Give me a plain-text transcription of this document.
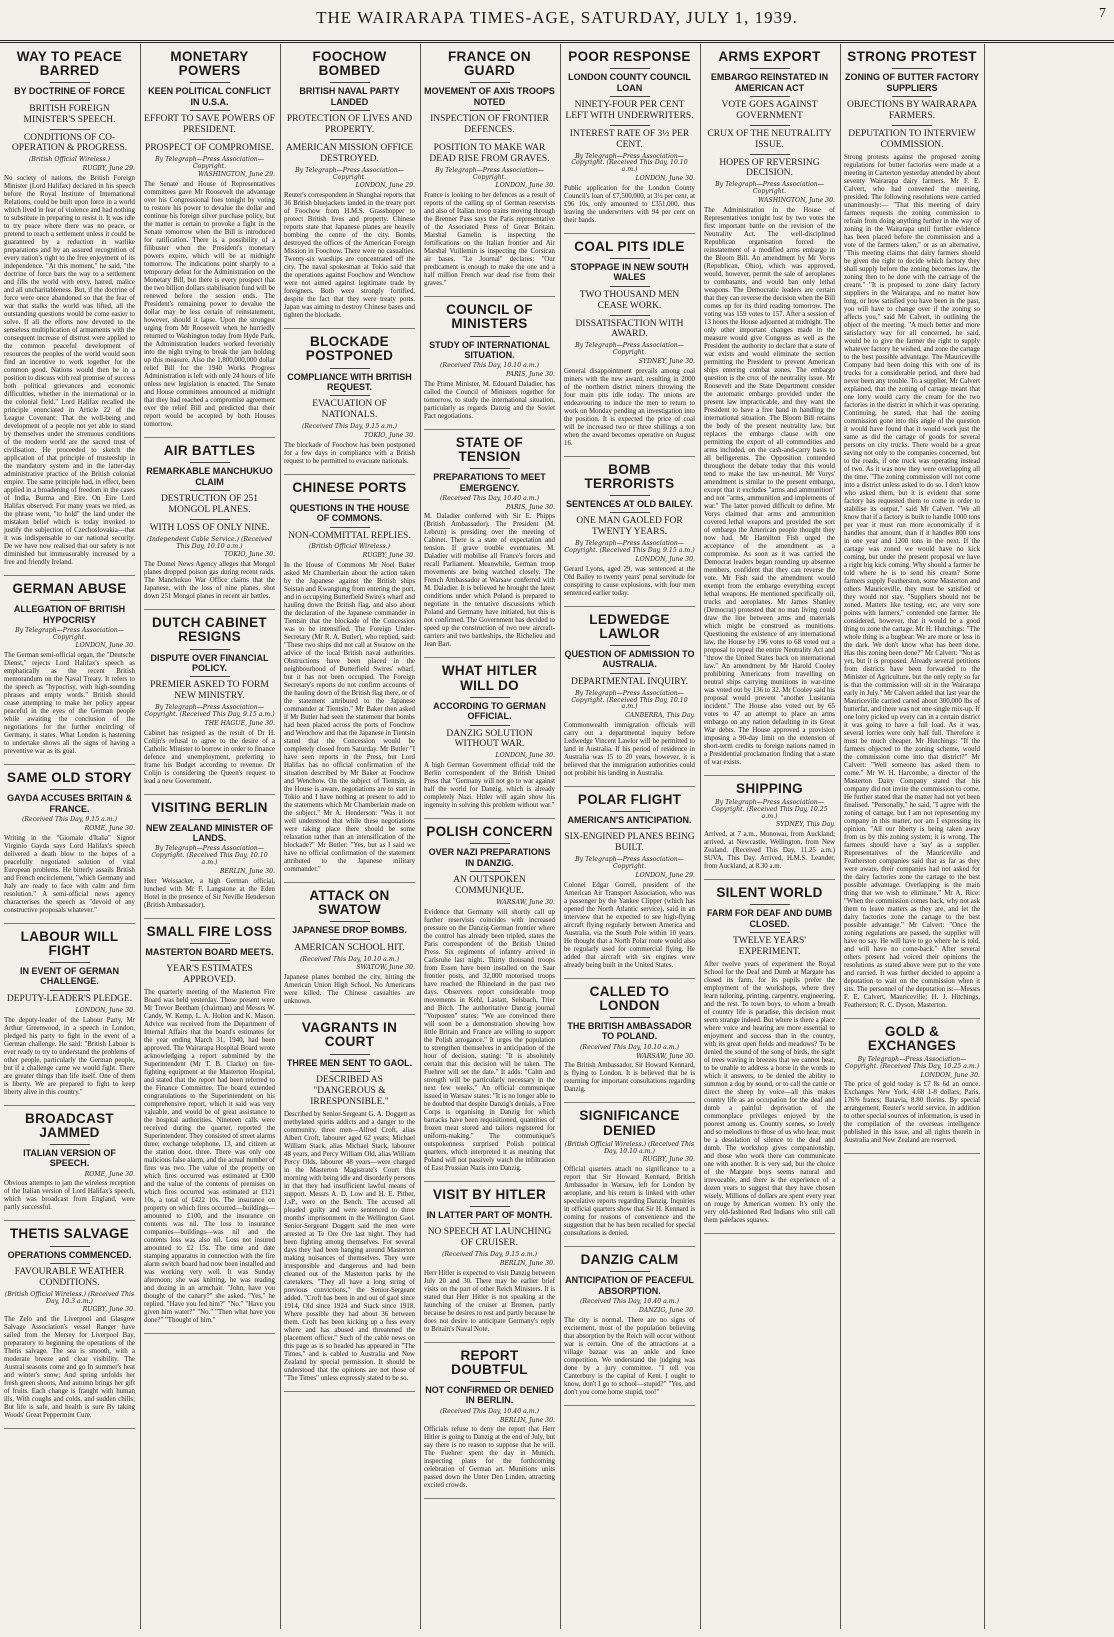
THE WAIRARAPA TIMES-AGE, SATURDAY, JULY 1, 1939.	7
WAY TO PEACE BARRED
BY DOCTRINE OF FORCE
BRITISH FOREIGN MINISTER'S SPEECH.
CONDITIONS OF CO-OPERATION & PROGRESS.
(British Official Wireless.)
RUGBY, June 29.
No society of nations, the British Foreign Minister (Lord Halifax) declared in his speech before the Royal Institute of International Relations, could be built upon force in a world which lived in fear of violence and had nothing to substitute in preparing to resist it. It was idle to try peace where there was no peace, or pretend to reach a settlement unless it could be guaranteed by a reduction in warlike preparations and by an assured recognition of every nation's right to the free enjoyment of its independence. "At this moment," he said, "the doctrine of force bars the way to a settlement and fills the world with envy, hatred, malice and all uncharitableness. But, if the doctrine of force were once abandoned so that the fear of war that stalks the world was lifted, all the outstanding questions would be come easier to solve. If all the efforts now devoted to the senseless multiplication of armaments with the consequent increase of distrust were applied to the common peaceful development of resources the peoples of the world would soon find an incentive to work together for the common good. Nations would then be in a position to discuss with real promise of success both political grievances and economic difficulties, whether in the international or in the colonial field." Lord Halifax recalled the principle enunciated in Article 22 of the League Covenant: That the well-being and development of a people not yet able to stand by themselves under the strenuous conditions of the modern world are the sacred trust of civilisation. He proceeded to sketch the application of that principle of trusteeship in the mandatory system and in the latter-day administrative practice of the British colonial empire. The same principle had, in effect, been applied in a broadening of freedom in the cases of India, Burma and Eire. On Eire Lord Halifax observed: For many years we tried, as the phrase went, "to hold" the land under the mistaken belief which is today invoked to justify the subjection of Czechoslovakia—that it was indispensable to our national security. De we have now realised that our safety is not diminished but immeasurably increased by a free and friendly Ireland.
GERMAN ABUSE
ALLEGATION OF BRITISH HYPOCRISY
By Telegraph—Press Association—Copyright.
LONDON, June 30.
The German semi-official organ, the "Deutsche Dienst," rejects Lord Halifax's speech as emphatically as the recent British memorandum on the Naval Treaty. It refers to the speech as "hypocrisy, with high-sounding phrases and empty words." British should cease attempting to make her policy appear peaceful in the eyes of the German people while awaiting the conclusion of the negotiations for the further encircling of Germany, it states. What London is hastening to undertake shows all the signs of having a preventive war as its goal.
SAME OLD STORY
GAYDA ACCUSES BRITAIN & FRANCE.
(Received This Day, 9.15 a.m.)
ROME, June 30.
Writing in the "Giornale d'Italia" Signor Virginio Gayda says Lord Halifax's speech delivered a death blow to the hopes of a peacefully negotiated solution of vital European problems. He bitterly assails British and French encirclement, "which Germany and Italy are ready to face with calm and firm resolution." A semi-official news agency characterises the speech as "devoid of any constructive proposals whatever."
LABOUR WILL FIGHT
IN EVENT OF GERMAN CHALLENGE.
DEPUTY-LEADER'S PLEDGE.
LONDON, June 30.
The deputy-leader of the Labour Party, Mr Arthur Greenwood, in a speech in London, pledged his party to fight in the event of a German challenge. He said: "British Labour is ever ready to try to understand the problems of other people, particularly the German people, but if a challenge came we would fight. There are greater things than life itself. One of them is liberty. We are prepared to fight to keep liberty alive in this country."
BROADCAST JAMMED
ITALIAN VERSION OF SPEECH.
ROME, June 30.
Obvious attempts to jam the wireless reception of the Italian version of Lord Halifax's speech, which was broadcast from England, were partly successful.
THETIS SALVAGE
OPERATIONS COMMENCED.
FAVOURABLE WEATHER CONDITIONS.
(British Official Wireless.) (Received This Day, 10.3 a.m.)
RUGBY, June 30.
The Zelo and the Liverpool and Glasgow Salvage Association's vessel Ranger have sailed from the Mersey for Liverpool Bay, preparatory to beginning the operations of the Thetis salvage. The sea is smooth, with a moderate breeze and clear visibility. The Austral seasons come and go In summer's heat and winter's snow; And spring unfolds her fresh green shoots, And autumn brings her gift of fruits. Each change is fraught with human ills, With coughs and colds, and sudden chills; But life is safe, and health is sure By taking Woods' Great Peppermint Cure.
MONETARY POWERS
KEEN POLITICAL CONFLICT IN U.S.A.
EFFORT TO SAVE POWERS OF PRESIDENT.
PROSPECT OF COMPROMISE.
By Telegraph—Press Association—Copyright.
WASHINGTON, June 29.
The Senate and House of Representatives committees gave Mr Roosevelt the advantage over his Congressional foes tonight by voting to restore his power to devalue the dollar and continue his foreign silver purchase policy, but the matter is certain to provoke a fight in the Senate tomorrow when the Bill is introduced for ratification. There is a possibility of a filibuster when the President's monetary powers expire, which will be at midnight tomorrow. The indications point sharply to a temporary defeat for the Administration on the Monetary Bill, but there is every prospect that the two billion dollars stabilisation fund will be renewed before the session ends. The President's remaining power to devalue the dollar may be less certain of reinstatement, however, should it lapse. Upon the strongest urging from Mr Roosevelt when he hurriedly returned to Washington today from Hyde Park, the Administration leaders worked feverishly into the night trying to break the jam holding up this measure. Also the 1,800,000,000 dollar relief Bill for the 1940 Works Progress Administration is left with only 24 hours of life unless new legislation is enacted. The Senate and House committees announced at midnight that they had reached a compromise agreement over the relief Bill and predicted that their report would be accepted by both Houses tomorrow.
AIR BATTLES
REMARKABLE MANCHUKUO CLAIM
DESTRUCTION OF 251 MONGOL PLANES.
WITH LOSS OF ONLY NINE.
(Independent Cable Service.) (Received This Day, 10.10 a.m.)
TOKIO, June 30.
The Domei News Agency alleges that Mongol planes dropped poison gas during recent raids. The Manchukuo War Office claims that the Japanese, with the loss of nine planes, shot down 251 Mongol planes in recent air battles.
DUTCH CABINET RESIGNS
DISPUTE OVER FINANCIAL POLICY.
PREMIER ASKED TO FORM NEW MINISTRY.
By Telegraph—Press Association—Copyright. (Received This Day, 9.15 a.m.)
THE HAGUE, June 30.
Cabinet has resigned as the result of Dr H. Colijn's refusal to agree to the desire of a Catholic Minister to borrow in order to finance defence and unemployment, preferring to frame his Budget according to revenue. Dr Colijn is considering the Queen's request to lead a new Government.
VISITING BERLIN
NEW ZEALAND MINISTER OF LANDS.
By Telegraph—Press Association—Copyright. (Received This Day, 10.10 a.m.)
BERLIN, June 30.
Herr Weissacker, a high German official, lunched with Mr F. Langstone at the Eden Hotel in the presence of Sir Neville Henderson (British Ambassador).
SMALL FIRE LOSS
MASTERTON BOARD MEETS.
YEAR'S ESTIMATES APPROVED.
The quarterly meeting of the Masterton Fire Board was held yesterday. Those present were Mr Trevor Beetham (chairman) and Messrs W. Candy, W. Kemp, L. A. Holton and K. Mason. Advice was received from the Department of Internal Affairs that the board's estimates for the year ending March 31, 1940, had been approved. The Wairarapa Hospital Board wrote acknowledging a report submitted by the Superintendent (Mr T. B. Clarke) on fire-fighting equipment at the Masterton Hospital, and stated that the report had been referred to the Finance Committee. The board extended congratulations to the Superintendent on his comprehensive report, which it said was very valuable, and would be of great assistance to the hospital authorities. Nineteen calls were received during the quarter, reported the Superintendent. They consisted of street alarms three; exchange telephone, 13, and citizen at the station door, three. There was only one malicious false alarm, and the actual number of fires was two. The value of the property on which fires occurred was estimated at £300 and the value of the contents of premises on which fires occurred was estimated at £121 10s, a total of £422 10s. The insurance on property on which fires occurred—buildings—amounted to £100, and the insurance on contents was nil. The loss to insurance companies—buildings—was nil and the contents loss was also nil. Loss not insured amounted to £2 15s. The time and date stamping apparatus in connection with the fire alarm switch board had now been installed and was working very well. It was Sunday afternoon; she was knitting, he was reading and dozing in an armchair. "John, have you thought of the canary?" she asked. "Yes," he replied. "Have you fed him?" "No." "Have you given him water?" "No." "Then what have you done?" "Thought of him."
FOOCHOW BOMBED
BRITISH NAVAL PARTY LANDED
PROTECTION OF LIVES AND PROPERTY.
AMERICAN MISSION OFFICE DESTROYED.
By Telegraph—Press Association—Copyright.
LONDON, June 29.
Reuter's correspondent in Shanghai reports that 36 British bluejackets landed in the treaty port of Foochow from H.M.S. Grasshopper to protect British lives and property. Chinese reports state that Japanese planes are heavily bombing the centre of the city. Bombs destroyed the offices of the American Foreign Mission in Foochow. There were no casualties. Twenty-six warships are concentrated off the city. The naval spokesman at Tokio said that the operations against Foochow and Wenchow were not aimed against legitimate trade by foreigners. Both were strongly fortified, despite the fact that they were treaty ports. Japan was aiming to destroy Chinese bases and tighten the blockade.
BLOCKADE POSTPONED
COMPLIANCE WITH BRITISH REQUEST.
EVACUATION OF NATIONALS.
(Received This Day, 9.15 a.m.)
TOKIO, June 30.
The blockade of Foochow has been postponed for a few days in compliance with a British request to be permitted to evacuate nationals.
CHINESE PORTS
QUESTIONS IN THE HOUSE OF COMMONS.
NON-COMMITTAL REPLIES.
(British Official Wireless.)
RUGBY, June 30.
In the House of Commons Mr Noel Baker asked Mr Chamberlain about the action taken by the Japanese against the British ships Seistan and Kwangtung from entering the port, and in occupying Butterfield Swire's wharf and hauling down the British flag, and also about the declaration of the Japanese commander in Tientsin that the blockade of the Concession was to be intensified. The Foreign Under-Secretary (Mr R. A. Butler), who replied, said: "These two ships did not call at Swatow on the advice of the local British naval authorities. Obstructions have been placed in the neighbourhood of Butterfield Swires' wharf, but it has not been occupied. The Foreign Secretary's reports do not confirm accounts of the hauling down of the British flag there, or of the statement attributed to the Japanese commander at Tientsin." Mr Baker then asked if Mr Butler had seen the statement that bombs had been placed across the ports of Foochow and Wenchow and that the Japanese in Tientsin stated that the Concession would be completely closed from Saturday. Mr Butler "I have seen reports in the Press, but Lord Halifax has no official confirmation of the situation described by Mr Baker at Foochow and Wenchow. On the subject of Tientsin, as the House is aware, negotiations are to start in Tokio and I have nothing at present to add to the statements which Mr Chamberlain made on the subject." Mr A. Henderson: "Was it not well understood that while these negotiations were taking place there should be some relaxation rather than an intensification of the blockade?" Mr Butler: "Yes, but as I said we have no official confirmation of the statement attributed to the Japanese military commander."
ATTACK ON SWATOW
JAPANESE DROP BOMBS.
AMERICAN SCHOOL HIT.
(Received This Day, 10.10 a.m.)
SWATOW, June 30.
Japanese planes bombed the city, hitting the American Union High School. No Americans were killed. The Chinese casualties are unknown.
VAGRANTS IN COURT
THREE MEN SENT TO GAOL.
DESCRIBED AS "DANGEROUS & IRRESPONSIBLE."
Described by Senior-Sergeant G. A. Doggett as methylated spirits addicts and a danger to the community, three men—Alfred Croft, alias Albert Croft, labourer aged 62 years; Michael William Stack, alias Michael Stack, labourer 48 years, and Percy William Old, alias William Percy Olds, labourer 48 years—were charged in the Masterton Magistrate's Court this morning with being idle and disorderly persons in that they had insufficient lawful means of support. Messrs A. D. Low and H. E. Pither, J.sP., were on the Bench. The accused all pleaded guilty and were sentenced to three months' imprisonment in the Wellington Gaol. Senior-Sergeant Doggett said the men were arrested at Te Ore Ore last night. They had been fighting among themselves. For several days they had been hanging around Masterton making nuisances of themselves. They were irresponsible and dangerous and had been cleaned out of the Masterton parks by the caretakers. "They all have a long string of previous convictions," the Senior-Sergeant added. "Croft has been in and out of gaol since 1914, Old since 1924 and Stack since 1918. Where possible they had about 36 between them. Croft has been kicking up a fuss every where and has abused and threatened the placement officer." Such of the cable news on this page as is so headed has appeared in "The Times," and is cabled to Australia and New Zealand by special permission. It should be understood that the opinions are not those of "The Times" unless expressly stated to be so.
FRANCE ON GUARD
MOVEMENT OF AXIS TROOPS NOTED
INSPECTION OF FRONTIER DEFENCES.
POSITION TO MAKE WAR DEAD RISE FROM GRAVES.
By Telegraph—Press Association—Copyright.
LONDON, June 30.
France is looking to her defences as a result of reports of the calling up of German reservists and also of Italian troop trains moving through the Brenner Pass says the Paris representative of the Associated Press of Great Britain. Marshal Gamelin is inspecting the fortifications on the Italian frontier and Air Marshal Vuillemin is inspecting the Corsican air bases. "Le Journal" declares: "Our predicament is enough to make the one and a half million French war dead rise from their graves."
COUNCIL OF MINISTERS
STUDY OF INTERNATIONAL SITUATION.
(Received This Day, 10.10 a.m.)
PARIS, June 30.
The Prime Minister, M. Edouard Daladier, has called the Council of Ministers together for tomorrow, to study the international situation, particularly as regards Danzig and the Soviet Pact negotiations.
STATE OF TENSION
PREPARATIONS TO MEET EMERGENCY.
(Received This Day, 10.40 a.m.)
PARIS, June 30.
M. Daladier conferred with Sir E. Phipps (British Ambassador). The President (M. Lebrun) is presiding over the meeting of Cabinet. There is a state of expectation and tension. If grave trouble eventuates, M. Daladier will mobilise all France's forces and recall Parliament. Meanwhile, German troop movements are being watched closely. The French Ambassador at Warsaw conferred with M. Daladier. It is believed he brought the latest conditions under which Poland is prepared to negotiate in the tentative discussions which Poland and Germany have initiated, but this is not confirmed. The Government has decided to speed up the construction of two new aircraft-carriers and two battleships, the Richelieu and Jean Bart.
WHAT HITLER WILL DO
ACCORDING TO GERMAN OFFICIAL.
DANZIG SOLUTION WITHOUT WAR.
LONDON, June 30.
A high German Government official told the Berlin correspondent of the British United Press that "Germany will not go to war against half the world for Danzig, which is already completely Nazi. Hitler will again show his ingenuity in solving this problem without war."
POLISH CONCERN
OVER NAZI PREPARATIONS IN DANZIG.
AN OUTSPOKEN COMMUNIQUE.
WARSAW, June 30.
Evidence that Germany will shortly call up further reservists coincides with increased pressure on the Danzig-German frontier where the control has already been tripled, states the Paris correspondent of the British United Press. Six regiments of infantry arrived in Carlsruhe last night. Thirty thousand troops from Essen have been installed on the Saar frontier posts, and 32,000 motorised troops have reached the Rhineland in the past two days. Observers report considerable troop movements in Kehl, Lastatt, Selsbach, Trier and Bitch. The authoritative Danzig journal "Vorposten" states: "We are convinced there will soon be a demonstration showing how little Britain and France are willing to support the Polish arrogance." It urges the population to strengthen themselves in anticipation of the hour of decision, stating: "It is absolutely certain that this decision will be taken. The Fuehrer will set the date." It adds: "Calm and strength will be particularly necessary in the next few weeks." An official communique issued in Warsaw states: "It is no longer able to be doubted that despite Danzig's denials, a Free Corps is organising in Danzig for which barracks have been requisitioned, quantities of frozen meat stored and tailors registered for uniform-making." The communique's outspokenness surprised Polish political quarters, which interpreted it as meaning that Poland will not passively watch the infiltration of East Prussian Nazis into Danzig.
VISIT BY HITLER
IN LATTER PART OF MONTH.
NO SPEECH AT LAUNCHING OF CRUISER.
(Received This Day, 9.15 a.m.)
BERLIN, June 30.
Herr Hitler is expected to visit Danzig between July 20 and 30. There may be earlier brief visits on the part of other Reich Ministers. It is stated that Herr Hitler is not speaking at the launching of the cruiser at Bremen, partly because he desires to rest and partly because he does not desire to anticipate Germany's reply to Britain's Naval Note.
REPORT DOUBTFUL
NOT CONFIRMED OR DENIED IN BERLIN.
(Received This Day, 10.40 a.m.)
BERLIN, June 30.
Officials refuse to deny the report that Herr Hitler is going to Danzig at the end of July, but say there is no reason to suppose that he will. The Fuehrer spent the day in Munich, inspecting plans for the forthcoming celebration of German art. Munitions units passed down the Unter Den Linden, attracting excited crowds.
POOR RESPONSE
LONDON COUNTY COUNCIL LOAN
NINETY-FOUR PER CENT LEFT WITH UNDERWRITERS.
INTEREST RATE OF 3½ PER CENT.
By Telegraph—Press Association—Copyright. (Received This Day, 10.10 a.m.)
LONDON, June 30.
Public application for the London County Council's loan of £7,500,000, at 3½ per cent, at £96 10s, only amounted to £351,000, thus leaving the underwriters with 94 per cent on their hands.
COAL PITS IDLE
STOPPAGE IN NEW SOUTH WALES
TWO THOUSAND MEN CEASE WORK.
DISSATISFACTION WITH AWARD.
By Telegraph—Press Association—Copyright.
SYDNEY, June 30.
General disappointment prevails among coal miners with the new award, resulting in 2000 of the northern district miners throwing the four main pits idle today. The unions are endeavouring to induce the men to return to work on Monday pending an investigation into the position. It is expected the price of coal will be increased two or three shillings a ton when the award becomes operative on August 16.
BOMB TERRORISTS
SENTENCES AT OLD BAILEY.
ONE MAN GAOLED FOR TWENTY YEARS.
By Telegraph—Press Association—Copyright. (Received This Day, 9.15 a.m.)
LONDON, June 30.
Gerard Lyons, aged 29, was sentenced at the Old Bailey to twenty years' penal servitude for conspiring to cause explosions, with four men sentenced earlier today.
LEDWEDGE LAWLOR
QUESTION OF ADMISSION TO AUSTRALIA.
DEPARTMENTAL INQUIRY.
By Telegraph—Press Association—Copyright. (Received This Day, 10.10 a.m.)
CANBERRA, This Day.
Commonwealth immigration officials will carry out a departmental inquiry before Ledwedge Vincent Lawlor will be permitted to land in Australia. If his period of residence in Australia was 15 to 20 years, however, it is believed that the immigration authorities could not prohibit his landing in Australia.
POLAR FLIGHT
AMERICAN'S ANTICIPATION.
SIX-ENGINED PLANES BEING BUILT.
By Telegraph—Press Association—Copyright.
LONDON, June 29.
Colonel Edgar Gorrell, president of the American Air Transport Association, who was a passenger by the Yankee Clipper (which has opened the North Atlantic service), said in an interview that he expected to see high-flying aircraft flying regularly between America and Australia, via the South Pole within 10 years. He thought that a North Polar route would also be regularly used for commercial flying. He added that aircraft with six engines were already being built in the United States.
CALLED TO LONDON
THE BRITISH AMBASSADOR TO POLAND.
(Received This Day, 10.10 a.m.)
WARSAW, June 30.
The British Ambassador, Sir Howard Kennard, is flying to London. It is believed that he is returning for important consultations regarding Danzig.
SIGNIFICANCE DENIED
(British Official Wireless.) (Received This Day, 10.10 a.m.)
RUGBY, June 30.
Official quarters attach no significance to a report that Sir Howard Kennard, British Ambassador in Warsaw, left for London by aeroplane, and his return is linked with other speculative reports regarding Danzig. Inquiries in official quarters show that Sir H. Kennard is coming for reasons of convenience and the suggestion that he has been recalled for special consultations is denied.
DANZIG CALM
ANTICIPATION OF PEACEFUL ABSORPTION.
(Received This Day, 10.40 a.m.)
DANZIG, June 30.
The city is normal. There are no signs of excitement, most of the population believing that absorption by the Reich will occur without war is certain. One of the attractions at a village bazaar was an ankle and knee competition. We understand the judging was done by a jury committee. "I tell you Canterbury is the capital of Kent. I ought to know, don't I go to school—stupid?" "Yes, and don't you come home stupid, too!"
ARMS EXPORT
EMBARGO REINSTATED IN AMERICAN ACT
VOTE GOES AGAINST GOVERNMENT
CRUX OF THE NEUTRALITY ISSUE.
HOPES OF REVERSING DECISION.
By Telegraph—Press Association—Copyright.
WASHINGTON, June 30.
The Administration in the House of Representatives tonight lost by two votes the first important battle on the revision of the Neutrality Act. The well-disciplined Republican organisation forced the reinstatement of a modified arms embargo in the Bloom Bill. An amendment by Mr Vorys (Republican, Ohio), which was approved, would, however, permit the sale of aeroplanes to combatants, and would ban only lethal weapons. The Democratic leaders are certain that they can reverse the decision when the Bill comes up for its third reading tomorrow. The voting was 159 votes to 157. After a session of 13 hours the House adjourned at midnight. The only other important changes made in the measure would give Congress as well as the President the authority to declare that a state of war exists and would eliminate the section permitting the President to prevent American ships entering combat zones. The embargo question is the crux of the neutrality issue. Mr Roosevelt and the State Department consider the automatic embargo provided under the present law impracticable, and they want the President to have a free hand in handling the international situation. The Bloom Bill retains the body of the present neutrality law, but replaces the embargo clause with one permitting the export of all commodities and arms included, on the cash-and-carry basis to all belligerents. The Opposition contended throughout the debate today that this would tend to make the law un-neutral. Mr Vorys' amendment is similar to the present embargo, except that it excludes "arms and ammunition" and not "arms, ammunition and implements of war." The latter proved difficult to define. Mr Vorys claimed that arms and ammunition covered lethal weapons and provided the sort of embargo the American people thought they now had. Mr Hamilton Fish urged the acceptance of the amendment as a compromise. As soon as it was carried the Democrat leaders began rounding up absentee members, confident that they can reverse the vote. Mr Fish said the amendment would exempt from the embargo everything except lethal weapons. He mentioned specifically oil, trucks and aeroplanes. Mr James Shanley (Democrat) protested that no man living could draw the line between arms and materials which might be construed as munitions. Questioning the existence of any international law, the House by 196 votes to 68 voted out a proposal to repeal the entire Neutrality Act and "throw the United States back on international law." An amendment by Mr Harold Cooley prohibiting Americans from travelling on neutral ships carrying munitions in war-time was voted out by 136 to 32. Mr Cooley said his proposal would prevent "another Lusitania incident." The House also voted out by 65 votes to 47 an attempt to place an arms embargo on any nation defaulting in its Great War debts. The House approved a provision imposing a 90-day limit on the extension of short-term credits to foreign nations named in a Presidential proclamation finding that a state of war exists.
SHIPPING
By Telegraph—Press Association—Copyright. (Received This Day, 10.25 a.m.)
SYDNEY, This Day.
Arrived, at 7 a.m., Monowai, from Auckland; arrived, at Newcastle, Wellington, from New Zealand. (Received This Day, 11.25 a.m.) SUVA, This Day. Arrived, H.M.S. Leander, from Auckland, at 8.30 a.m.
SILENT WORLD
FARM FOR DEAF AND DUMB CLOSED.
TWELVE YEARS' EXPERIMENT.
After twelve years of experiment the Royal School for the Deaf and Dumb at Margate has closed its farm, for its pupils prefer the employment of the workshops, where they learn tailoring, printing, carpentry, engineering, and the rest. To town boys, to whom a breath of country life is paradise, this decision must seem strange indeed. But where is there a place where voice and hearing are more essential to enjoyment and success than in the country, with its great open fields and meadows? To be denied the sound of the song of birds, the sight of trees waving in breezes that we cannot hear, to be unable to address a horse in the words to which it answers, to be denied the ability to summon a dog by sound, or to call the cattle or direct the sheep by voice—all this makes country life as an occupation for the deaf and dumb a painful deprivation of the commonplace privileges enjoyed by the poorest among us. Country scenes, so lovely and so melodious to those of us who hear, must be a desolation of silence to the deaf and dumb. The workshop gives companionship, and those who work there can communicate one with another. It is very sad, but the choice of the Margate boys seems natural and irrevocable, and there is the experience of a dozen years to suggest that they have chosen wisely. Millions of dollars are spent every year on rouge by American women. It's only the very old-fashioned Red Indians who still call them palefaces squaws.
STRONG PROTEST
ZONING OF BUTTER FACTORY SUPPLIERS
OBJECTIONS BY WAIRARAPA FARMERS.
DEPUTATION TO INTERVIEW COMMISSION.
Strong protests against the proposed zoning regulations for butter factories were made at a meeting in Carterton yesterday attended by about seventy Wairarapa dairy farmers. Mr F. E. Calvert, who had convened the meeting, presided. The following resolutions were carried unanimously:— "That this meeting of dairy farmers requests the zoning commission to refrain from doing anything further in the way of zoning in the Wairarapa until further evidence has been placed before the commission and a vote of the farmers taken," or as an alternative, "This meeting claims that dairy farmers should be given the right to decide which factory they shall supply before the zoning becomes law, the zoning then to be done with the carriage of the cream." "It is proposed to zone dairy factory suppliers in the Wairarapa, and no matter how long, or how satisfied you have been in the past, you will have to change over if the zoning so affects you," said Mr Calvert, in outlining the object of the meeting. "A much better and more satisfactory way for all concerned, he said, would be to give the farmer the right to supply whatever factory he wished, and zone the cartage to the best possible advantage. The Mauriceville Company had been doing this with one of its trucks for a considerable period, and there had never been any trouble. To a supplier, Mr Calvert explained, that the zoning of cartage meant that one lorry would carry the cream for the two factories in the district in which it was operating. Continuing, he stated, that had the zoning commission gone into this angle of the question it would have found that it would work just the same as did the cartage of goods for several persons on city trucks. There would be a great saving not only to the companies concerned, but to the roads, if one truck was operating instead of two. As it was now they were overlapping all the time. "The zoning commission will not come into a district unless asked to do so. I don't know who asked them, but it is evident that some factory has requested them to come in order to stabilise its output," said Mr Calvert. "We all know that if a factory is built to handle 1000 tons per year it must run more economically if it handles that amount, than if it handles 800 tons in one year and 1200 tons in the next. If the cartage was zoned we would have no kick coming, but under the present proposal we have a right big kick coming. Why should a farmer be told where he is to send his cream? Some farmers supply Featherston, some Masterton and others Mauriceville, they must be satisfied or they would not stay. "Suppliers should not be zoned. Matters like testing, etc, are very sore points with farmers," contended one farmer. He considered, however, that it would be a good thing to zone the cartage. Mr H. Hutchings: "The whole thing is a bugbear. We are more or less in the dark. We don't know what has been done. Has this zoning been done?" Mr Calvert: "Not as yet, but it is proposed. Already several petitions from districts have been forwarded to the Minister of Agriculture, but the only reply so far is that the commission will sit in the Wairarapa early in July." Mr Calvert added that last year the Mauriceville carried carted about 300,000 lbs of butterfat, and there was not one single mix-up. If one lorry picked up every can in a certain district it was going to have a full load. As it was, several lorries were only half full. Therefore it must be much cheaper. Mr Hutchings: "If the farmers objected to the zoning scheme, would the commission come into that district?" Mr Calvert: "Well someone has asked them to come." Mr W. H. Harcombe, a director of the Masterton Dairy Company stated that his company did not invite the commission to come. He further stated that the matter had not yet been finalised. "Personally," he said, "I agree with the zoning of cartage, but I am not representing my company in this matter, nor am I expressing its opinion. "All our liberty is being taken away from us by this zoning system; it is wrong. The farmers should have a 'say' as a supplier. Representatives of the Mauriceville and Featherston companies said that as far as they were aware, their companies had not asked for the dairy factories zone the cartage to the best possible advantage. Overlapping is the main thing that we wish to eliminate." Mr A. Rice: "When the commission comes back, why not ask them to leave matters as they are, and let the dairy factories zone the cartage to the best possible advantage." Mr Calvert: "Once the zoning regulations are passed, the supplier will have no say. He will have to go where he is told, and will have no come-back." After several others present had voiced their opinions the resolutions as stated above were put to the vote and carried. It was further decided to appoint a deputation to wait on the commission when it sits. The personnel of the deputation is:—Messrs F. E. Calvert, Mauriceville; H. J. Hitchings, Featherston; R. C. Dyson, Masterton.
GOLD & EXCHANGES
By Telegraph—Press Association—Copyright. (Received This Day, 10.25 a.m.)
LONDON, June 30.
The price of gold today is £7 8s 6d an ounce. Exchanges New York, 4.68 1-8 dollars; Paris, 176⅝ francs; Batavia, 8.80 florins. By special arrangement, Reuter's world service, in addition to other special sources of information, is used in the compilation of the overseas intelligence published in this issue, and all rights therein in Australia and New Zealand are reserved.
